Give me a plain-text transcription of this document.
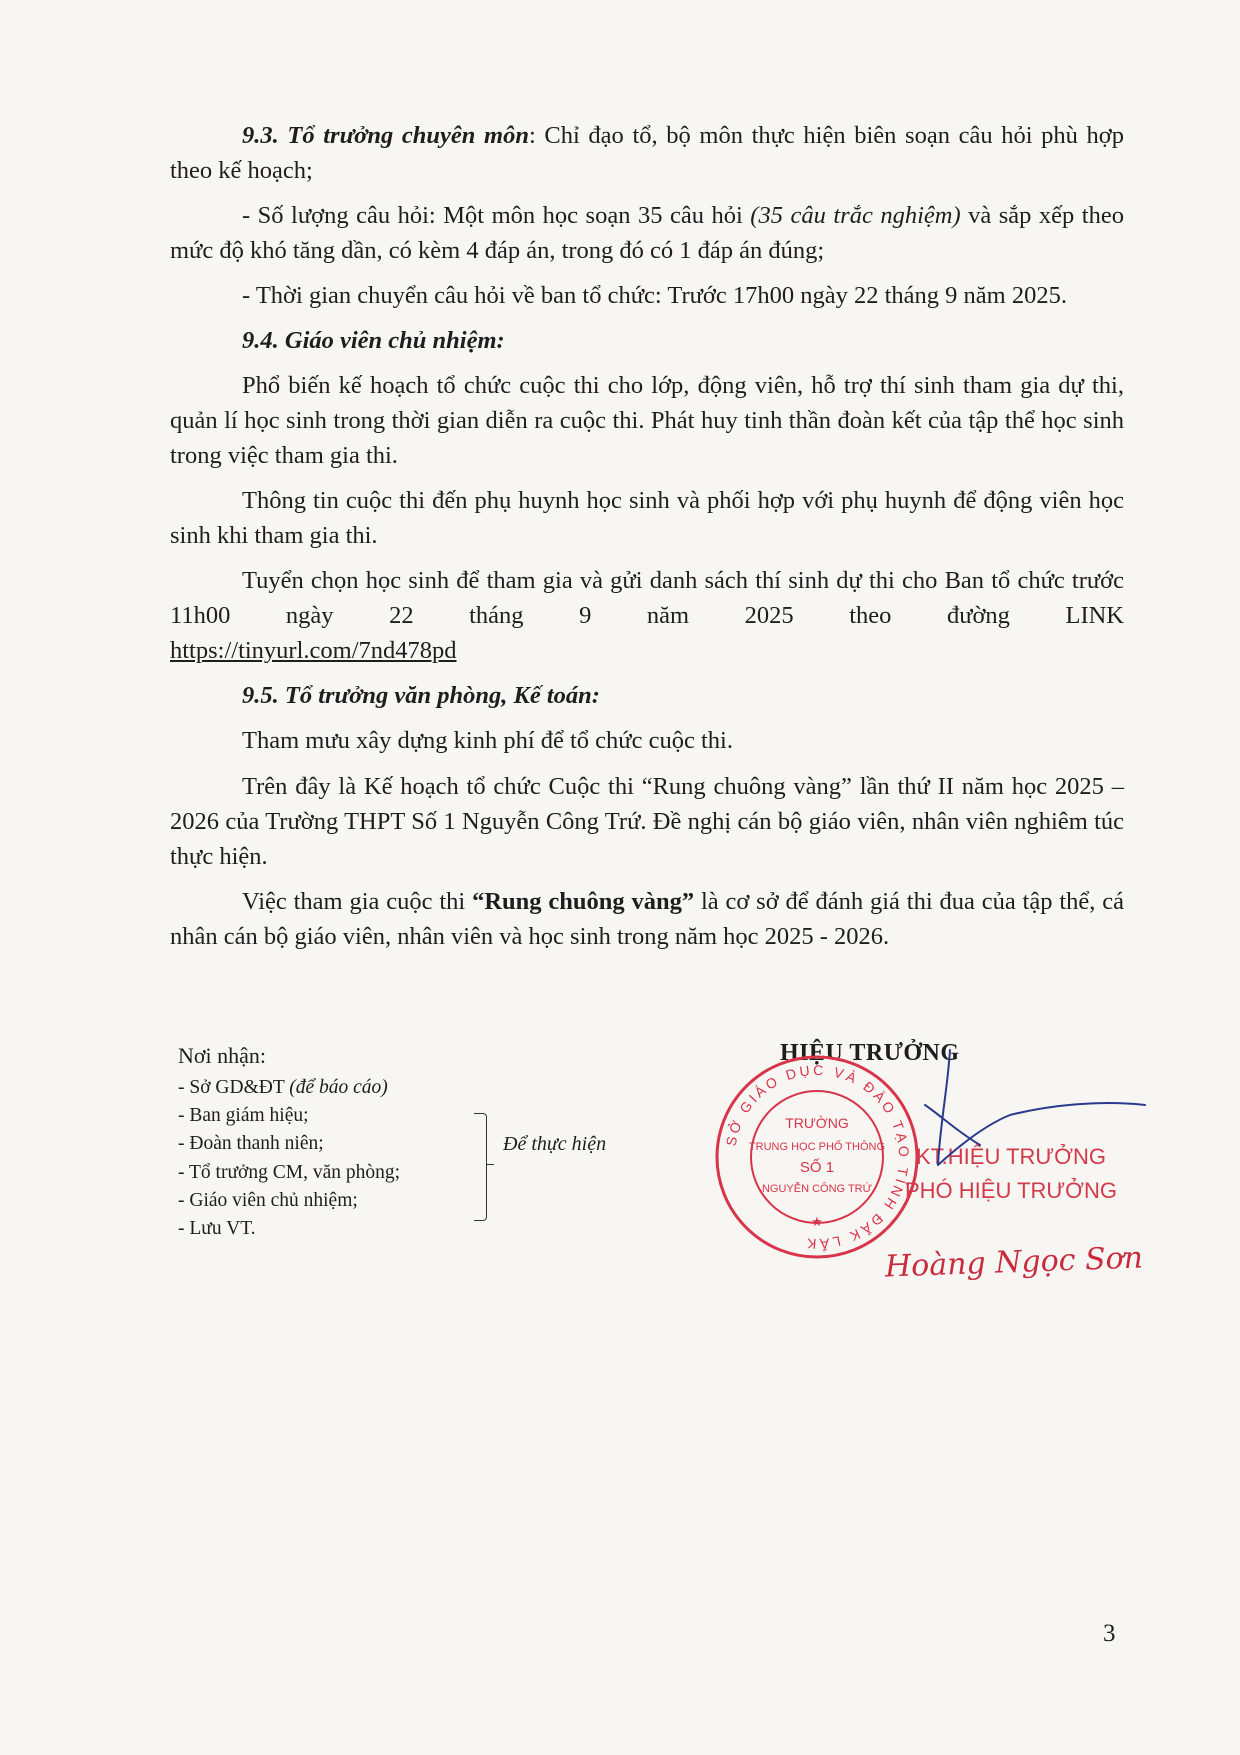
9.3. Tổ trưởng chuyên môn: Chỉ đạo tổ, bộ môn thực hiện biên soạn câu hỏi phù hợp theo kế hoạch;

- Số lượng câu hỏi: Một môn học soạn 35 câu hỏi (35 câu trắc nghiệm) và sắp xếp theo mức độ khó tăng dần, có kèm 4 đáp án, trong đó có 1 đáp án đúng;

- Thời gian chuyển câu hỏi về ban tổ chức: Trước 17h00 ngày 22 tháng 9 năm 2025.

9.4. Giáo viên chủ nhiệm:

Phổ biến kế hoạch tổ chức cuộc thi cho lớp, động viên, hỗ trợ thí sinh tham gia dự thi, quản lí học sinh trong thời gian diễn ra cuộc thi. Phát huy tinh thần đoàn kết của tập thể học sinh trong việc tham gia thi.

Thông tin cuộc thi đến phụ huynh học sinh và phối hợp với phụ huynh để động viên học sinh khi tham gia thi.

Tuyển chọn học sinh để tham gia và gửi danh sách thí sinh dự thi cho Ban tổ chức trước 11h00 ngày 22 tháng 9 năm 2025 theo đường LINK
https://tinyurl.com/7nd478pd

9.5. Tổ trưởng văn phòng, Kế toán:

Tham mưu xây dựng kinh phí để tổ chức cuộc thi.

Trên đây là Kế hoạch tổ chức Cuộc thi “Rung chuông vàng” lần thứ II năm học 2025 – 2026 của Trường THPT Số 1 Nguyễn Công Trứ. Đề nghị cán bộ giáo viên, nhân viên nghiêm túc thực hiện.

Việc tham gia cuộc thi “Rung chuông vàng” là cơ sở để đánh giá thi đua của tập thể, cá nhân cán bộ giáo viên, nhân viên và học sinh trong năm học 2025 - 2026.

Nơi nhận:
- Sở GD&ĐT (để báo cáo)
- Ban giám hiệu;
- Đoàn thanh niên;
- Tổ trưởng CM, văn phòng;
- Giáo viên chủ nhiệm;
- Lưu VT.
Để thực hiện
HIỆU TRƯỞNG
SỞ GIÁO DỤC VÀ ĐÀO TẠO TỈNH ĐẮK LẮK
TRƯỜNG
TRUNG HỌC PHỔ THÔNG
SỐ 1
NGUYỄN CÔNG TRỨ
★
KT.HIỆU TRƯỞNG
PHÓ HIỆU TRƯỞNG
Hoàng Ngọc Sơn
3
